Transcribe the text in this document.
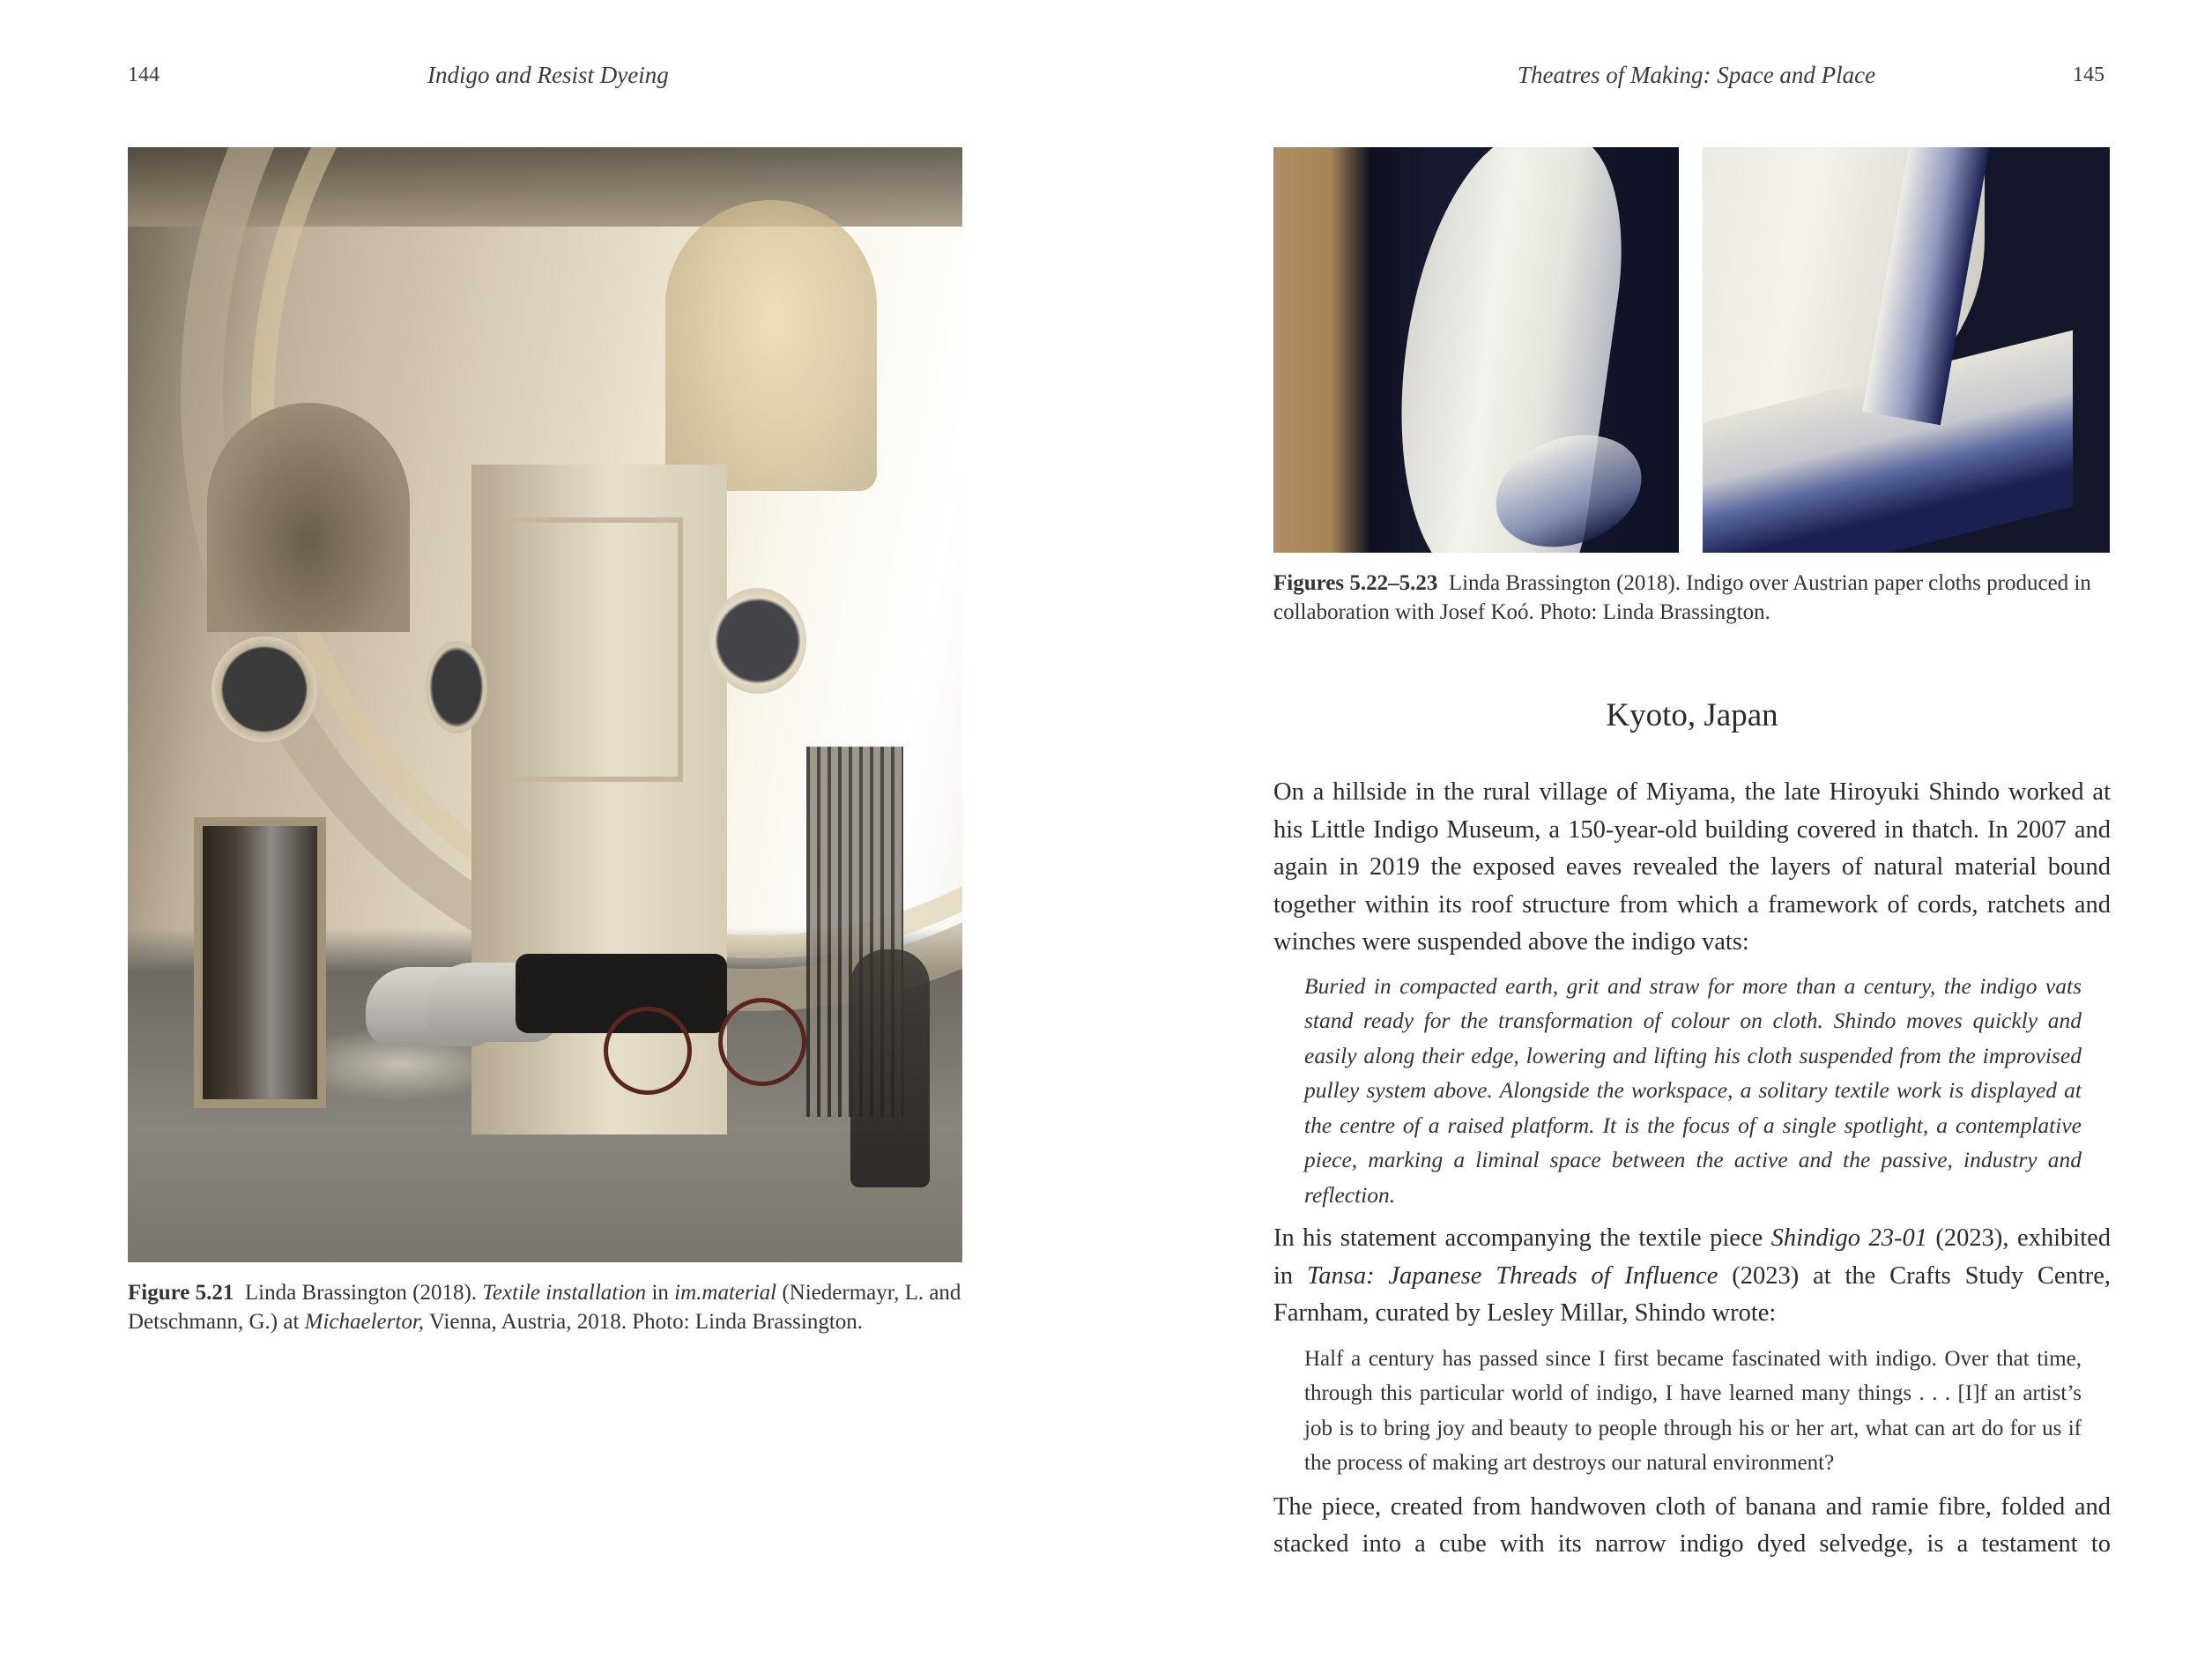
144	Indigo and Resist Dyeing
Figure 5.21 Linda Brassington (2018). Textile installation in im.material (Niedermayr, L. and Detschmann, G.) at Michaelertor, Vienna, Austria, 2018. Photo: Linda Brassington.
Theatres of Making: Space and Place	145
Figures 5.22–5.23 Linda Brassington (2018). Indigo over Austrian paper cloths produced in collaboration with Josef Koó. Photo: Linda Brassington.
Kyoto, Japan

On a hillside in the rural village of Miyama, the late Hiroyuki Shindo worked at his Little Indigo Museum, a 150-year-old building covered in thatch. In 2007 and again in 2019 the exposed eaves revealed the layers of natural material bound together within its roof structure from which a framework of cords, ratchets and winches were suspended above the indigo vats:

Buried in compacted earth, grit and straw for more than a century, the indigo vats stand ready for the transformation of colour on cloth. Shindo moves quickly and easily along their edge, lowering and lifting his cloth suspended from the improvised pulley system above. Alongside the workspace, a solitary textile work is displayed at the centre of a raised platform. It is the focus of a single spotlight, a contemplative piece, marking a liminal space between the active and the passive, industry and reflection.

In his statement accompanying the textile piece Shindigo 23-01 (2023), exhibited in Tansa: Japanese Threads of Influence (2023) at the Crafts Study Centre, Farnham, curated by Lesley Millar, Shindo wrote:

Half a century has passed since I first became fascinated with indigo. Over that time, through this particular world of indigo, I have learned many things . . . [I]f an artist’s job is to bring joy and beauty to people through his or her art, what can art do for us if the process of making art destroys our natural environment?

The piece, created from handwoven cloth of banana and ramie fibre, folded and stacked into a cube with its narrow indigo dyed selvedge, is a testament to
